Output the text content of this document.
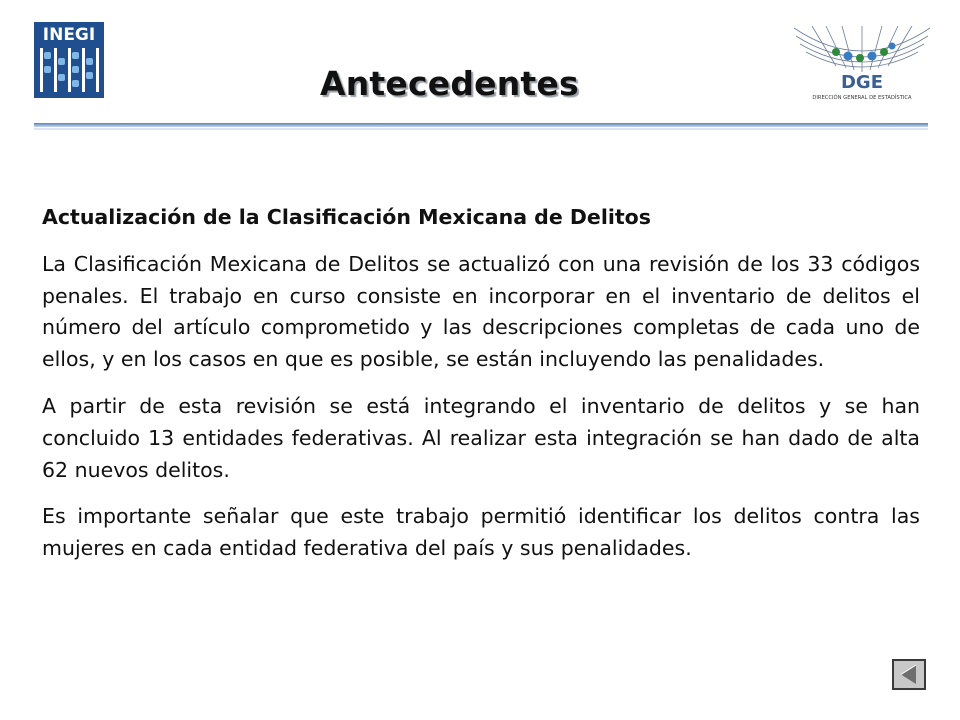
INEGI
Antecedentes	DGE
DIRECCIÓN GENERAL DE ESTADÍSTICA

Actualización de la Clasificación Mexicana de Delitos

La Clasificación Mexicana de Delitos se actualizó con una revisión de los 33 códigos penales. El trabajo en curso consiste en incorporar en el inventario de delitos el número del artículo comprometido y las descripciones completas de cada uno de ellos, y en los casos en que es posible, se están incluyendo las penalidades.

A partir de esta revisión se está integrando el inventario de delitos y se han concluido 13 entidades federativas. Al realizar esta integración se han dado de alta 62 nuevos delitos.

Es importante señalar que este trabajo permitió identificar los delitos contra las mujeres en cada entidad federativa del país y sus penalidades.
